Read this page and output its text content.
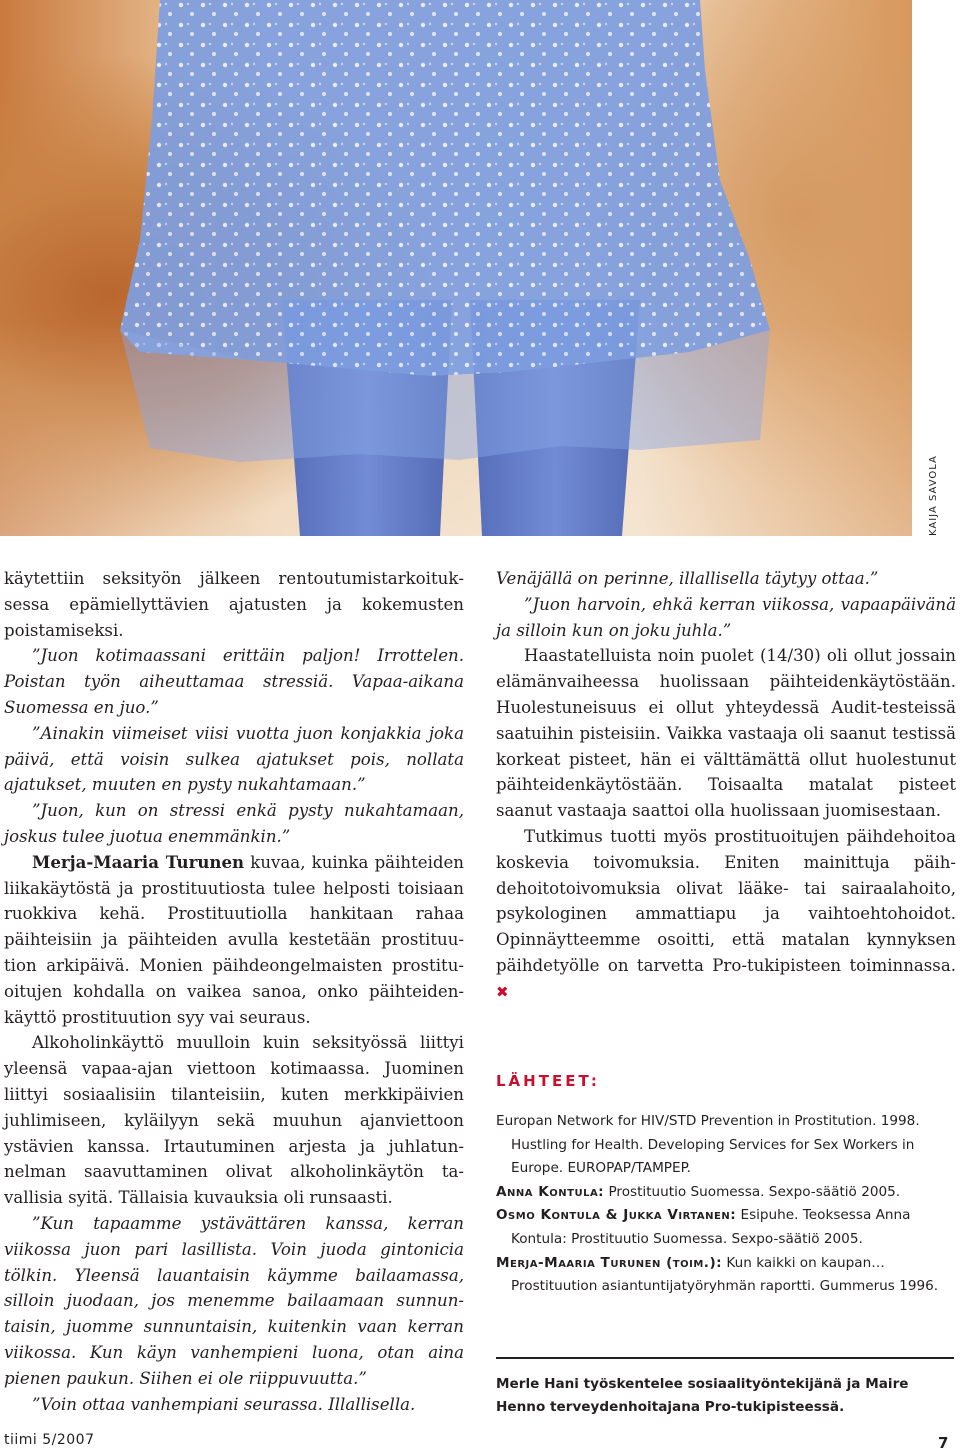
KAIJA SAVOLA

käytettiin seksityön jälkeen rentoutumistarkoituksessa epämiellyttävien ajatusten ja kokemusten poistamiseksi.

”Juon kotimaassani erittäin paljon! Irrottelen. Poistan työn aiheuttamaa stressiä. Vapaa-aikana Suomessa en juo.”

”Ainakin viimeiset viisi vuotta juon konjakkia joka päivä, että voisin sulkea ajatukset pois, nollata ajatukset, muuten en pysty nukahtamaan.”

”Juon, kun on stressi enkä pysty nukahtamaan, joskus tulee juotua enemmänkin.”

Merja-Maaria Turunen kuvaa, kuinka päihteiden liikakäytöstä ja prostituutiosta tulee helposti toisiaan ruokkiva kehä. Prostituutiolla hankitaan rahaa päihteisiin ja päihteiden avulla kestetään prostituution arkipäivä. Monien päihdeongelmaisten prostituoitujen kohdalla on vaikea sanoa, onko päihteidenkäyttö prostituution syy vai seuraus.

Alkoholinkäyttö muulloin kuin seksityössä liittyi yleensä vapaa-ajan viettoon kotimaassa. Juominen liittyi sosiaalisiin tilanteisiin, kuten merkkipäivien juhlimiseen, kyläilyyn sekä muuhun ajanviettoon ystävien kanssa. Irtautuminen arjesta ja juhlatunnelman saavuttaminen olivat alkoholinkäytön tavallisia syitä. Tällaisia kuvauksia oli runsaasti.

”Kun tapaamme ystävättären kanssa, kerran viikossa juon pari lasillista. Voin juoda gintonicia tölkin. Yleensä lauantaisin käymme bailaamassa, silloin juodaan, jos menemme bailaamaan sunnuntaisin, juomme sunnuntaisin, kuitenkin vaan kerran viikossa. Kun käyn vanhempieni luona, otan aina pienen paukun. Siihen ei ole riippuvuutta.”

”Voin ottaa vanhempiani seurassa. Illallisella.

Venäjällä on perinne, illallisella täytyy ottaa.”

”Juon harvoin, ehkä kerran viikossa, vapaapäivänä ja silloin kun on joku juhla.”

Haastatelluista noin puolet (14/30) oli ollut jossain elämänvaiheessa huolissaan päihteidenkäytöstään. Huolestuneisuus ei ollut yhteydessä Audit-testeissä saatuihin pisteisiin. Vaikka vastaaja oli saanut testissä korkeat pisteet, hän ei välttämättä ollut huolestunut päihteidenkäytöstään. Toisaalta matalat pisteet saanut vastaaja saattoi olla huolissaan juomisestaan.

Tutkimus tuotti myös prostituoitujen päihdehoitoa koskevia toivomuksia. Eniten mainittuja päihdehoitotoivomuksia olivat lääke- tai sairaalahoito, psykologinen ammattiapu ja vaihtoehtohoidot. Opinnäytteemme osoitti, että matalan kynnyksen päihdetyölle on tarvetta Pro-tukipisteen toiminnassa. ✖

LÄHTEET:

Europan Network for HIV/STD Prevention in Prostitution. 1998. Hustling for Health. Developing Services for Sex Workers in Europe. EUROPAP/TAMPEP.

Anna Kontula: Prostituutio Suomessa. Sexpo-säätiö 2005.

Osmo Kontula & Jukka Virtanen: Esipuhe. Teoksessa Anna Kontula: Prostituutio Suomessa. Sexpo-säätiö 2005.

Merja-Maaria Turunen (toim.): Kun kaikki on kaupan… Prostituution asiantuntijatyöryhmän raportti. Gummerus 1996.

Merle Hani työskentelee sosiaalityöntekijänä ja Maire Henno terveydenhoitajana Pro-tukipisteessä.
tiimi 5/2007	7
